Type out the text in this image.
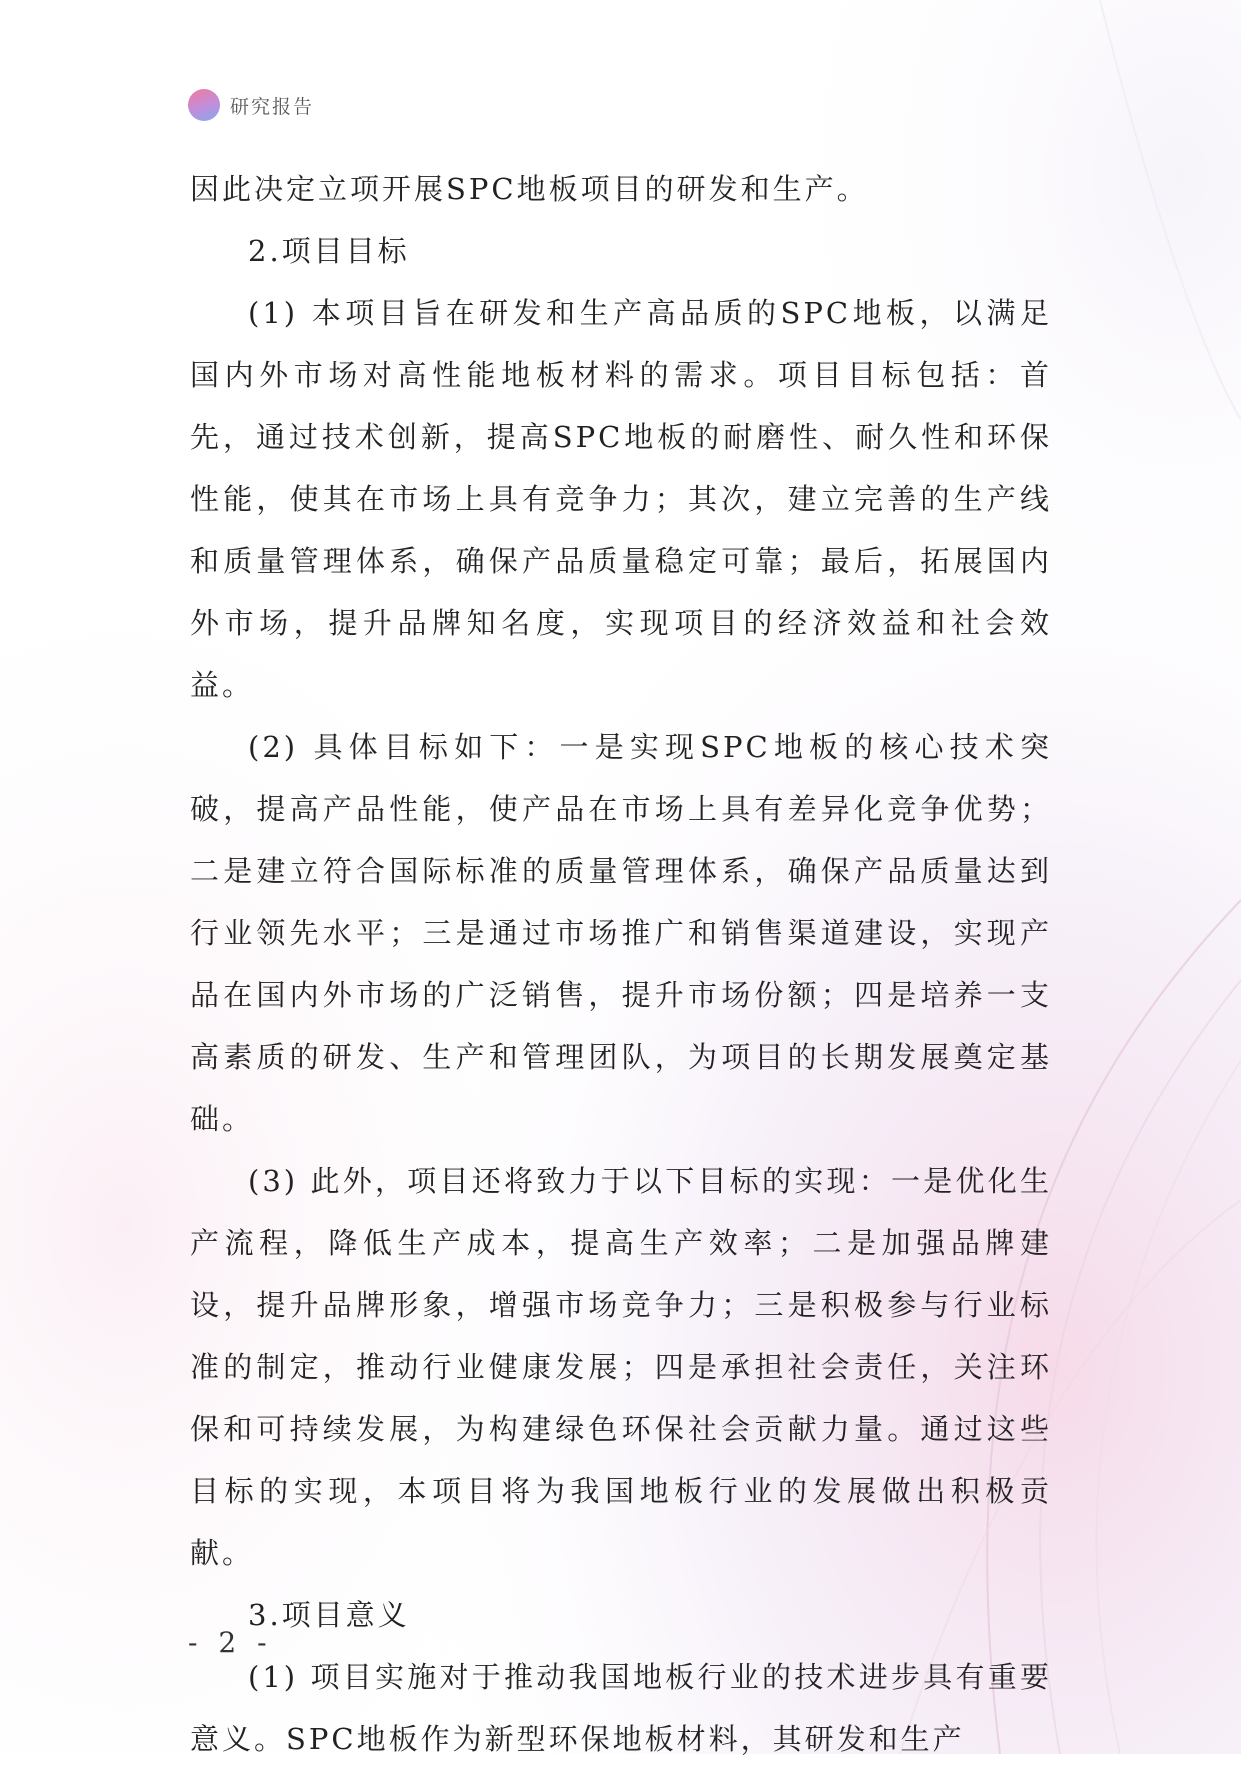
研究报告

因此决定立项开展SPC地板项目的研发和生产。

2.项目目标

(1) 本项目旨在研发和生产高品质的SPC地板，以满足国内外市场对高性能地板材料的需求。项目目标包括：首先，通过技术创新，提高SPC地板的耐磨性、耐久性和环保性能，使其在市场上具有竞争力；其次，建立完善的生产线和质量管理体系，确保产品质量稳定可靠；最后，拓展国内外市场，提升品牌知名度，实现项目的经济效益和社会效益。

(2) 具体目标如下：一是实现SPC地板的核心技术突破，提高产品性能，使产品在市场上具有差异化竞争优势；二是建立符合国际标准的质量管理体系，确保产品质量达到行业领先水平；三是通过市场推广和销售渠道建设，实现产品在国内外市场的广泛销售，提升市场份额；四是培养一支高素质的研发、生产和管理团队，为项目的长期发展奠定基础。

(3) 此外，项目还将致力于以下目标的实现：一是优化生产流程，降低生产成本，提高生产效率；二是加强品牌建设，提升品牌形象，增强市场竞争力；三是积极参与行业标准的制定，推动行业健康发展；四是承担社会责任，关注环保和可持续发展，为构建绿色环保社会贡献力量。通过这些目标的实现，本项目将为我国地板行业的发展做出积极贡献。

3.项目意义

(1) 项目实施对于推动我国地板行业的技术进步具有重要意义。SPC地板作为新型环保地板材料，其研发和生产

- 2 -
